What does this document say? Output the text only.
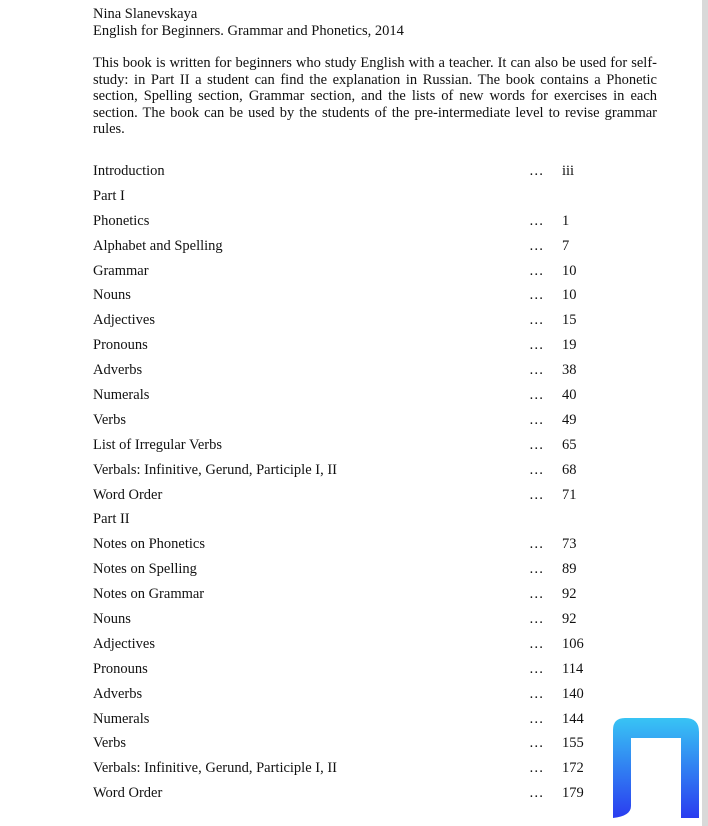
Nina Slanevskaya

English for Beginners. Grammar and Phonetics, 2014

This book is written for beginners who study English with a teacher. It can also be used for self-study: in Part II a student can find the explanation in Russian. The book contains a Phonetic section, Spelling section, Grammar section, and the lists of new words for exercises in each section. The book can be used by the students of the pre-intermediate level to revise grammar rules.

Introduction	… iii
Part I
Phonetics	… 1
Alphabet and Spelling	… 7
Grammar	… 10
Nouns	… 10
Adjectives	… 15
Pronouns	… 19
Adverbs	… 38
Numerals	… 40
Verbs	… 49
List of Irregular Verbs	… 65
Verbals: Infinitive, Gerund, Participle I, II	… 68
Word Order	… 71
Part II
Notes on Phonetics	… 73
Notes on Spelling	… 89
Notes on Grammar	… 92
Nouns	… 92
Adjectives	… 106
Pronouns	… 114
Adverbs	… 140
Numerals	… 144
Verbs	… 155
Verbals: Infinitive, Gerund, Participle I, II	… 172
Word Order	… 179
